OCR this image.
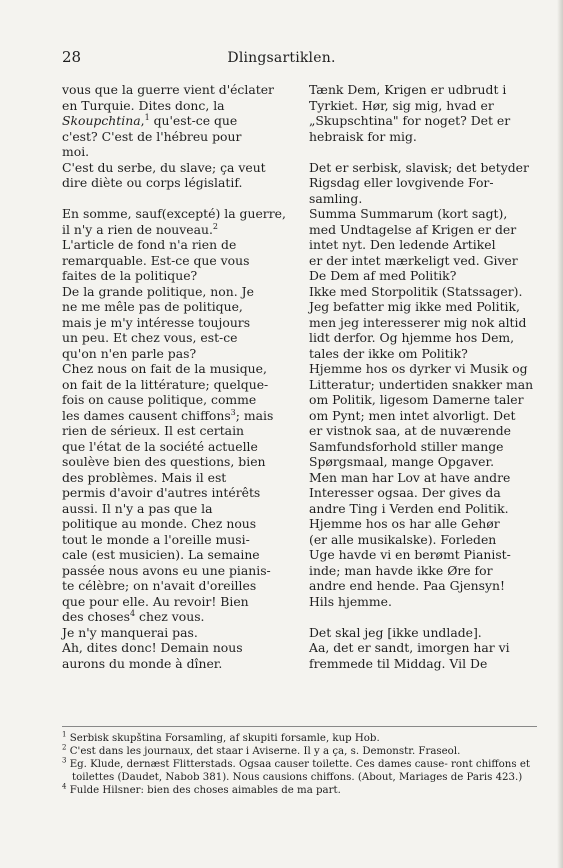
28	Dlingsartiklen.
vous que la guerre vient d'éclater
en Turquie. Dites donc, la
Skoupchtina,$^1$ qu'est-ce que
c'est? C'est de l'hébreu pour
moi.
C'est du serbe, du slave; ça veut
dire diète ou corps législatif.
En somme, sauf(excepté) la guerre,
il n'y a rien de nouveau.$^2$
L'article de fond n'a rien de
remarquable. Est-ce que vous
faites de la politique?
De la grande politique, non. Je
ne me mêle pas de politique,
mais je m'y intéresse toujours
un peu. Et chez vous, est-ce
qu'on n'en parle pas?
Chez nous on fait de la musique,
on fait de la littérature; quelque-
fois on cause politique, comme
les dames causent chiffons$^3$; mais
rien de sérieux. Il est certain
que l'état de la société actuelle
soulève bien des questions, bien
des problèmes. Mais il est
permis d'avoir d'autres intérêts
aussi. Il n'y a pas que la
politique au monde. Chez nous
tout le monde a l'oreille musi-
cale (est musicien). La semaine
passée nous avons eu une pianis-
te célèbre; on n'avait d'oreilles
que pour elle. Au revoir! Bien
des choses$^4$ chez vous.
Je n'y manquerai pas.
Ah, dites donc! Demain nous
aurons du monde à dîner.
Tænk Dem, Krigen er udbrudt i
Tyrkiet. Hør, sig mig, hvad er
„Skupschtina" for noget? Det er
hebraisk for mig.
Det er serbisk, slavisk; det betyder
Rigsdag eller lovgivende For-
samling.
Summa Summarum (kort sagt),
med Undtagelse af Krigen er der
intet nyt. Den ledende Artikel
er der intet mærkeligt ved. Giver
De Dem af med Politik?
Ikke med Storpolitik (Statssager).
Jeg befatter mig ikke med Politik,
men jeg interesserer mig nok altid
lidt derfor. Og hjemme hos Dem,
tales der ikke om Politik?
Hjemme hos os dyrker vi Musik og
Litteratur; undertiden snakker man
om Politik, ligesom Damerne taler
om Pynt; men intet alvorligt. Det
er vistnok saa, at de nuværende
Samfundsforhold stiller mange
Spørgsmaal, mange Opgaver.
Men man har Lov at have andre
Interesser ogsaa. Der gives da
andre Ting i Verden end Politik.
Hjemme hos os har alle Gehør
(er alle musikalske). Forleden
Uge havde vi en berømt Pianist-
inde; man havde ikke Øre for
andre end hende. Paa Gjensyn!
Hils hjemme.
Det skal jeg [ikke undlade].
Aa, det er sandt, imorgen har vi
fremmede til Middag. Vil De

$^1$ Serbisk skupština Forsamling, af skupiti forsamle, kup Hob.

$^2$ C'est dans les journaux, det staar i Aviserne. Il y a ça, s. Demonstr. Fraseol.

$^3$ Eg. Klude, dernæst Flitterstads. Ogsaa causer toilette. Ces dames cause- ront chiffons et toilettes (Daudet, Nabob 381). Nous causions chiffons. (About, Mariages de Paris 423.)

$^4$ Fulde Hilsner: bien des choses aimables de ma part.
